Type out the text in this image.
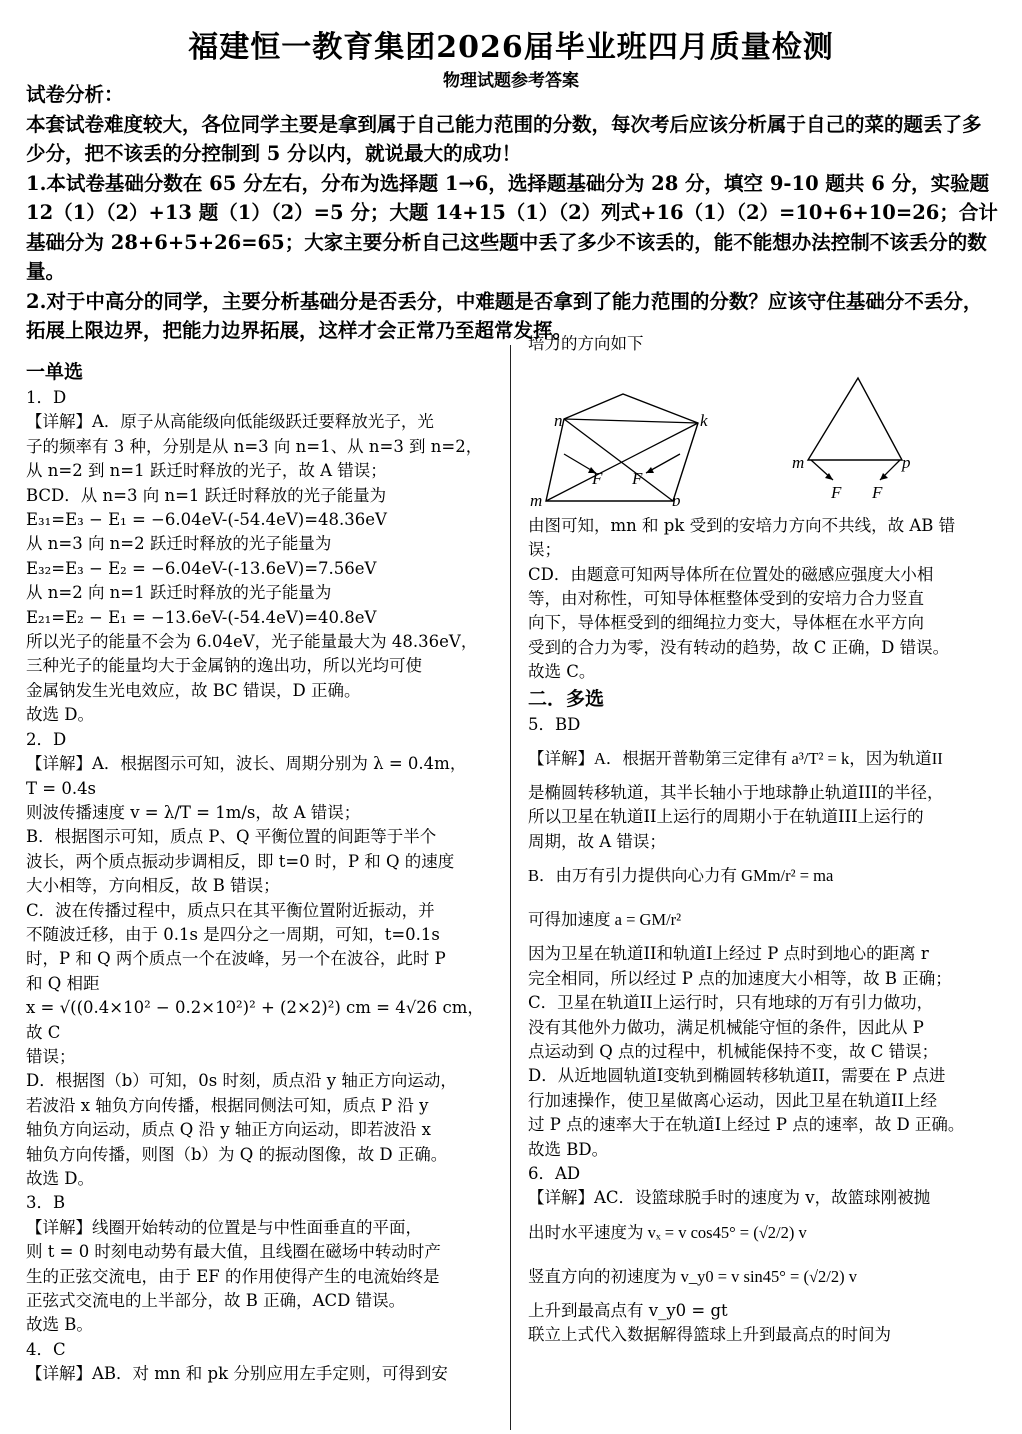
福建恒一教育集团2026届毕业班四月质量检测
物理试题参考答案

试卷分析：

本套试卷难度较大，各位同学主要是拿到属于自己能力范围的分数，每次考后应该分析属于自己的菜的题丢了多少分，把不该丢的分控制到 5 分以内，就说最大的成功！

1.本试卷基础分数在 65 分左右，分布为选择题 1→6，选择题基础分为 28 分，填空 9-10 题共 6 分，实验题 12（1）（2）+13 题（1）（2）=5 分；大题 14+15（1）（2）列式+16（1）（2）=10+6+10=26；合计基础分为 28+6+5+26=65；大家主要分析自己这些题中丢了多少不该丢的，能不能想办法控制不该丢分的数量。

2.对于中高分的同学，主要分析基础分是否丢分，中难题是否拿到了能力范围的分数？应该守住基础分不丢分，拓展上限边界，把能力边界拓展，这样才会正常乃至超常发挥。

一单选

1．D

【详解】A．原子从高能级向低能级跃迁要释放光子，光

子的频率有 3 种，分别是从 n=3 向 n=1、从 n=3 到 n=2，

从 n=2 到 n=1 跃迁时释放的光子，故 A 错误；

BCD．从 n=3 向 n=1 跃迁时释放的光子能量为

E₃₁=E₃ − E₁ = −6.04eV-(-54.4eV)=48.36eV

从 n=3 向 n=2 跃迁时释放的光子能量为

E₃₂=E₃ − E₂ = −6.04eV-(-13.6eV)=7.56eV

从 n=2 向 n=1 跃迁时释放的光子能量为

E₂₁=E₂ − E₁ = −13.6eV-(-54.4eV)=40.8eV

所以光子的能量不会为 6.04eV，光子能量最大为 48.36eV，

三种光子的能量均大于金属钠的逸出功，所以光均可使

金属钠发生光电效应，故 BC 错误，D 正确。

故选 D。

2．D

【详解】A．根据图示可知，波长、周期分别为 λ = 0.4m，

T = 0.4s

则波传播速度 v = λ/T = 1m/s，故 A 错误；

B．根据图示可知，质点 P、Q 平衡位置的间距等于半个

波长，两个质点振动步调相反，即 t=0 时，P 和 Q 的速度

大小相等，方向相反，故 B 错误；

C．波在传播过程中，质点只在其平衡位置附近振动，并

不随波迁移，由于 0.1s 是四分之一周期，可知，t=0.1s

时，P 和 Q 两个质点一个在波峰，另一个在波谷，此时 P

和 Q 相距

x = √((0.4×10² − 0.2×10²)² + (2×2)²) cm = 4√26 cm，故 C

错误；

D．根据图（b）可知，0s 时刻，质点沿 y 轴正方向运动，

若波沿 x 轴负方向传播，根据同侧法可知，质点 P 沿 y

轴负方向运动，质点 Q 沿 y 轴正方向运动，即若波沿 x

轴负方向传播，则图（b）为 Q 的振动图像，故 D 正确。

故选 D。

3．B

【详解】线圈开始转动的位置是与中性面垂直的平面，

则 t = 0 时刻电动势有最大值，且线圈在磁场中转动时产

生的正弦交流电，由于 EF 的作用使得产生的电流始终是

正弦式交流电的上半部分，故 B 正确，ACD 错误。

故选 B。

4．C

【详解】AB．对 mn 和 pk 分别应用左手定则，可得到安

培力的方向如下

n	k
m	p
F F
m	p
F F

由图可知，mn 和 pk 受到的安培力方向不共线，故 AB 错

误；

CD．由题意可知两导体所在位置处的磁感应强度大小相

等，由对称性，可知导体框整体受到的安培力合力竖直

向下，导体框受到的细绳拉力变大，导体框在水平方向

受到的合力为零，没有转动的趋势，故 C 正确，D 错误。

故选 C。

二．多选

5．BD

【详解】A．根据开普勒第三定律有 a³/T² = k，因为轨道II

是椭圆转移轨道，其半长轴小于地球静止轨道III的半径，

所以卫星在轨道II上运行的周期小于在轨道III上运行的

周期，故 A 错误；

B．由万有引力提供向心力有 GMm/r² = ma

可得加速度 a = GM/r²

因为卫星在轨道II和轨道I上经过 P 点时到地心的距离 r

完全相同，所以经过 P 点的加速度大小相等，故 B 正确；

C．卫星在轨道II上运行时，只有地球的万有引力做功，

没有其他外力做功，满足机械能守恒的条件，因此从 P

点运动到 Q 点的过程中，机械能保持不变，故 C 错误；

D．从近地圆轨道I变轨到椭圆转移轨道II，需要在 P 点进

行加速操作，使卫星做离心运动，因此卫星在轨道II上经

过 P 点的速率大于在轨道I上经过 P 点的速率，故 D 正确。

故选 BD。

6．AD

【详解】AC．设篮球脱手时的速度为 v，故篮球刚被抛

出时水平速度为 vₓ = v cos45° = (√2/2) v

竖直方向的初速度为 v_y0 = v sin45° = (√2/2) v

上升到最高点有 v_y0 = gt

联立上式代入数据解得篮球上升到最高点的时间为
